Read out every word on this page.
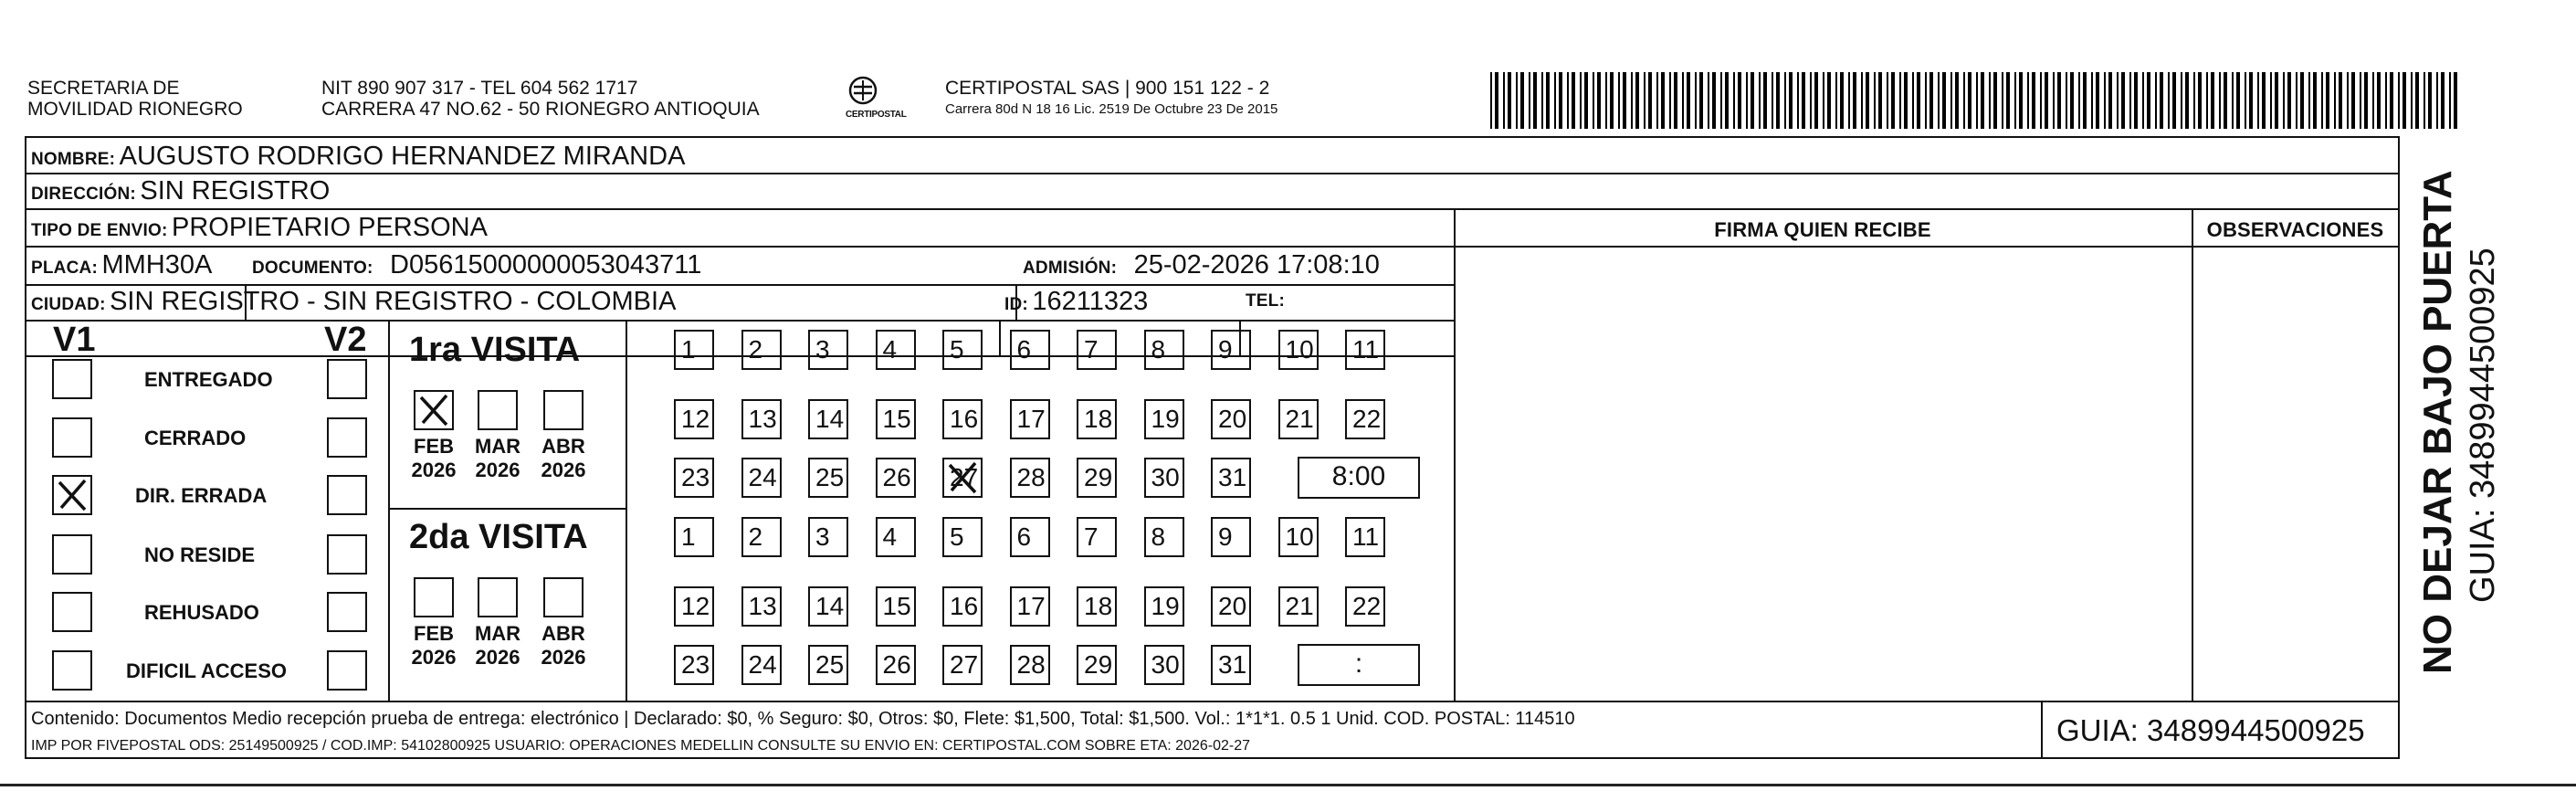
SECRETARIA DE
MOVILIDAD RIONEGRO
NIT 890 907 317 - TEL 604 562 1717
CARRERA 47 NO.62 - 50 RIONEGRO ANTIOQUIA	CERTIPOSTAL
CERTIPOSTAL SAS | 900 151 122 - 2
Carrera 80d N 18 16 Lic. 2519 De Octubre 23 De 2015
NOMBRE: AUGUSTO RODRIGO HERNANDEZ MIRANDA
DIRECCIÓN: SIN REGISTRO
TIPO DE ENVIO: PROPIETARIO PERSONA	FIRMA QUIEN RECIBE	OBSERVACIONES
PLACA: MMH30A DOCUMENTO: D05615000000053043711	ADMISIÓN: 25-02-2026 17:08:10
CIUDAD: SIN REGISTRO - SIN REGISTRO - COLOMBIA	ID: 16211323	TEL:
V1	V2
ENTREGADO
CERRADO
DIR. ERRADA
NO RESIDE
REHUSADO
DIFICIL ACCESO
1ra VISITA
FEB
2026
MAR
2026
ABR
2026
1	2	3	4	5	6	7	8	9	10 11
12 13 14 15 16 17 18 19 20 21 22
23 24 25 26 27 28 29 30 31	8:00
2da VISITA
FEB
2026
MAR
2026
ABR
2026
1	2	3	4	5	6	7	8	9	10 11
12 13 14 15 16 17 18 19 20 21 22
23 24 25 26 27 28 29 30 31	:
Contenido: Documentos Medio recepción prueba de entrega: electrónico | Declarado: $0, % Seguro: $0, Otros: $0, Flete: $1,500, Total: $1,500. Vol.: 1*1*1. 0.5 1 Unid. COD. POSTAL: 114510
IMP POR FIVEPOSTAL ODS: 25149500925 / COD.IMP: 54102800925 USUARIO: OPERACIONES MEDELLIN CONSULTE SU ENVIO EN: CERTIPOSTAL.COM SOBRE ETA: 2026-02-27	GUIA: 3489944500925
NO DEJAR BAJO PUERTA GUIA: 3489944500925
